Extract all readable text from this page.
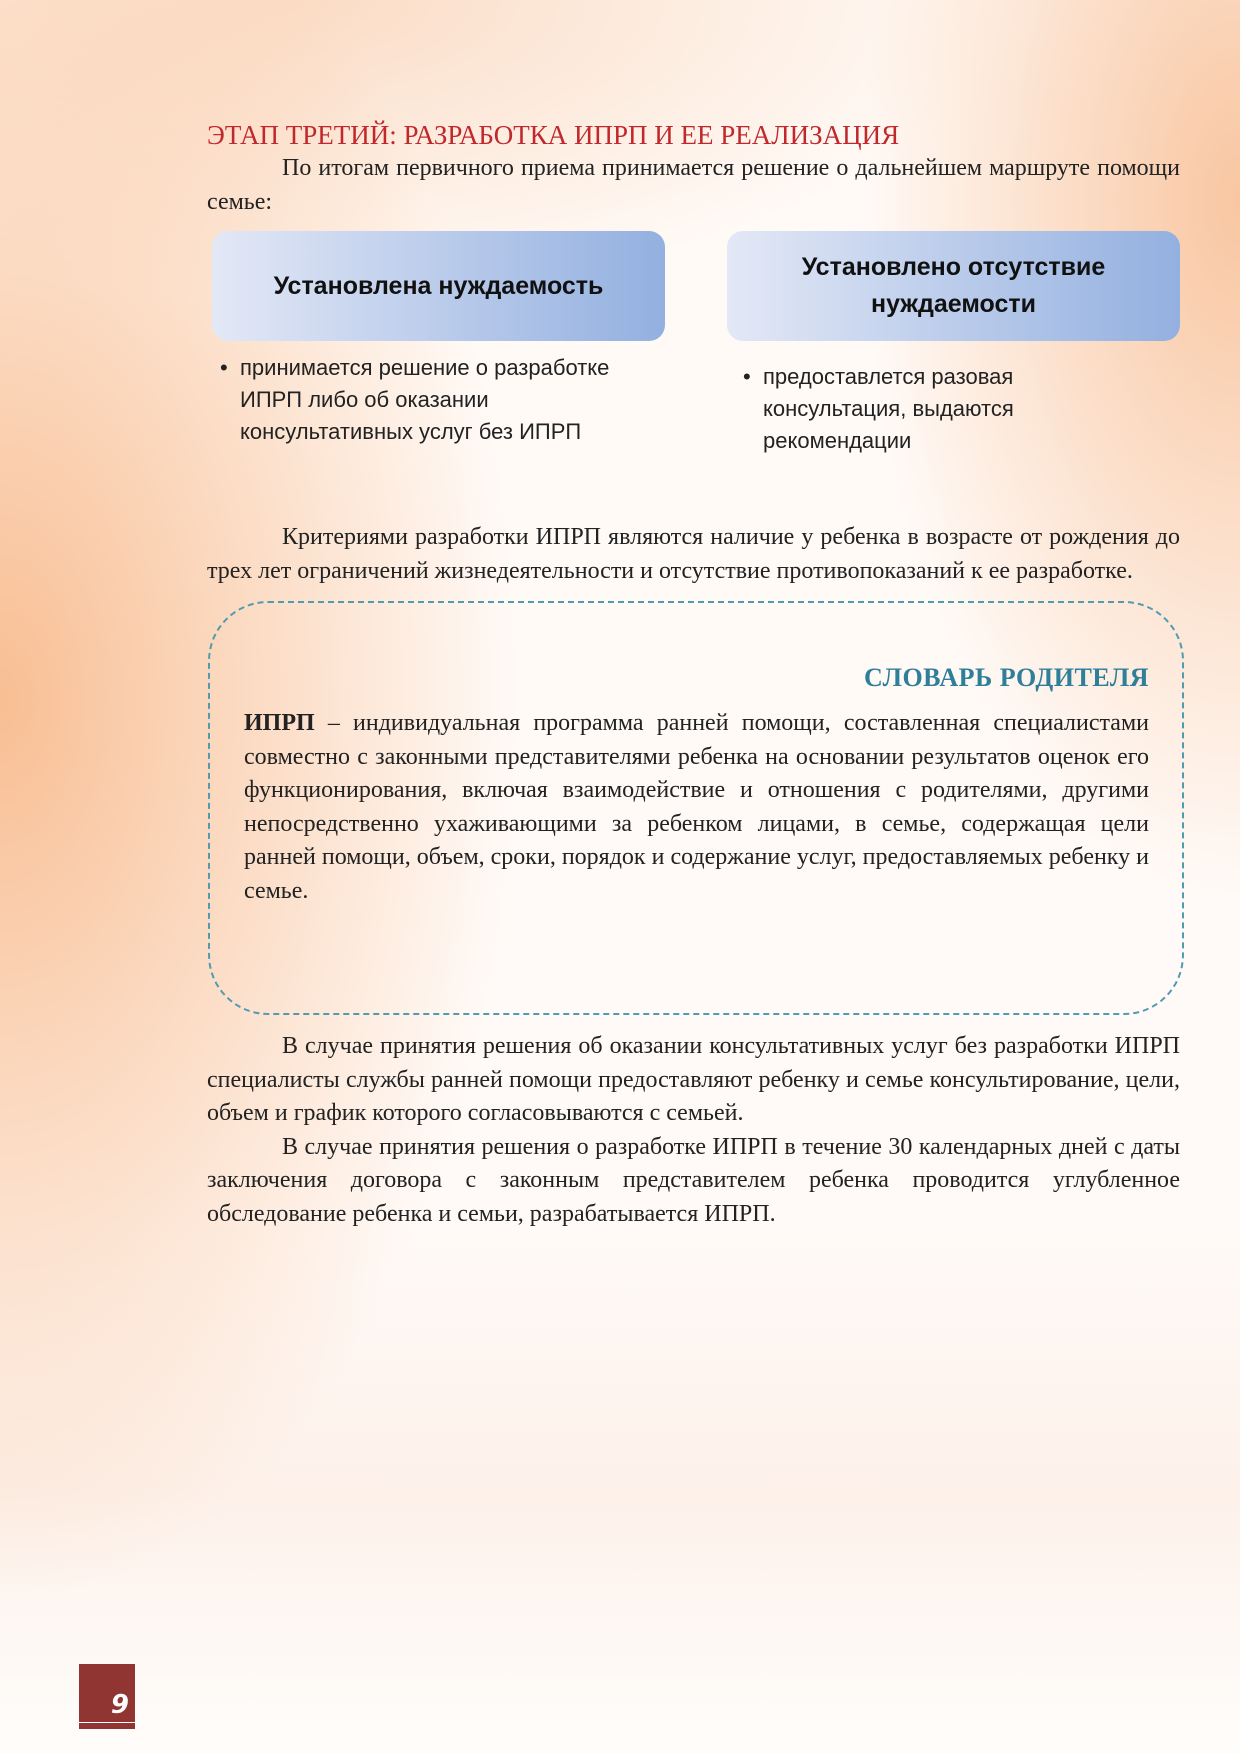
ЭТАП ТРЕТИЙ: РАЗРАБОТКА ИПРП И ЕЕ РЕАЛИЗАЦИЯ
По итогам первичного приема принимается решение о дальнейшем маршруте помощи семье:
Установлена нуждаемость
• принимается решение о разработке ИПРП либо об оказании консультативных услуг без ИПРП
Установлено отсутствие нуждаемости
• предоставлется разовая консультация, выдаются рекомендации
Критериями разработки ИПРП являются наличие у ребенка в возрасте от рождения до трех лет ограничений жизнедеятельности и отсутствие противопоказаний к ее разработке.
СЛОВАРЬ РОДИТЕЛЯ
ИПРП – индивидуальная программа ранней помощи, составленная специалистами совместно с законными представителями ребенка на основании результатов оценок его функционирования, включая взаимодействие и отношения с родителями, другими непосредственно ухаживающими за ребенком лицами, в семье, содержащая цели ранней помощи, объем, сроки, порядок и содержание услуг, предоставляемых ребенку и семье.
В случае принятия решения об оказании консультативных услуг без разработки ИПРП специалисты службы ранней помощи предоставляют ребенку и семье консультирование, цели, объем и график которого согласовываются с семьей.
В случае принятия решения о разработке ИПРП в течение 30 календарных дней с даты заключения договора с законным представителем ребенка проводится углубленное обследование ребенка и семьи, разрабатывается ИПРП.
9
